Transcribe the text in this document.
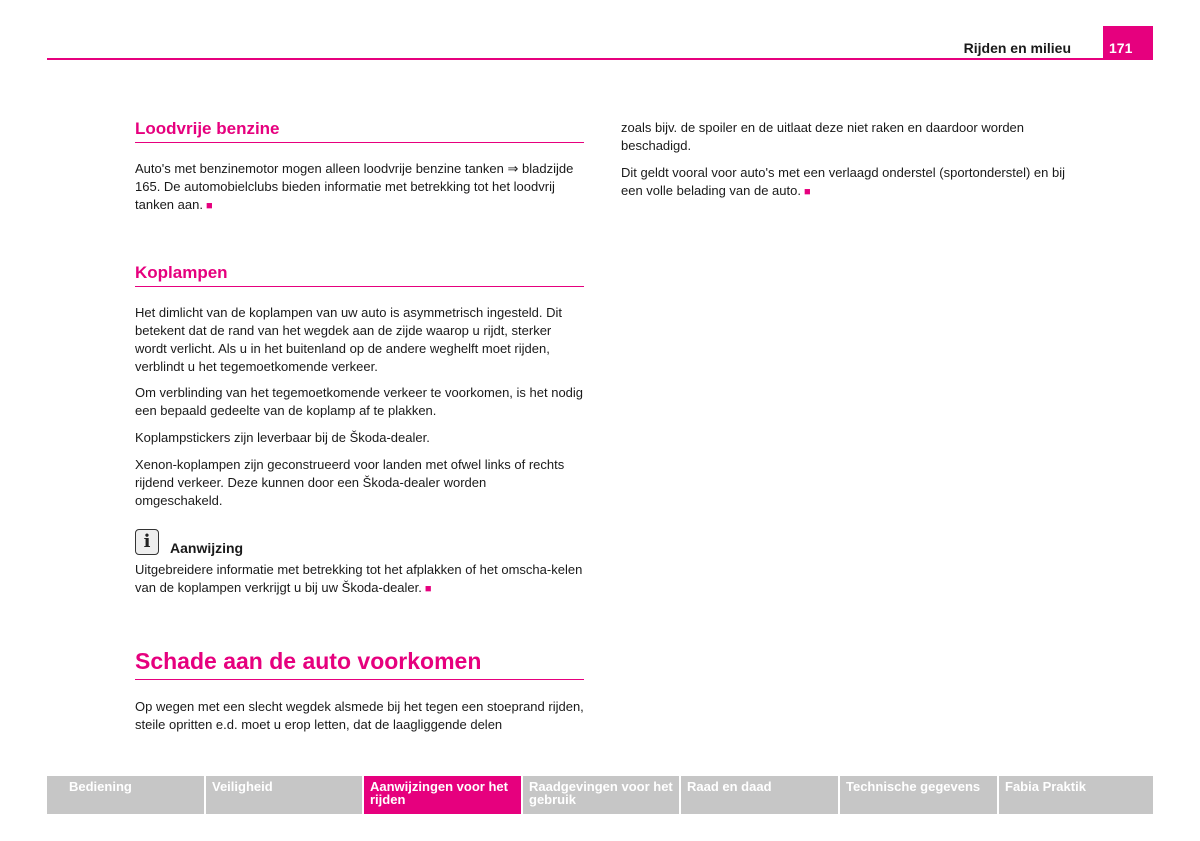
Rijden en milieu	171
Loodvrije benzine

Auto's met benzinemotor mogen alleen loodvrije benzine tanken ⇒ bladzijde 165. De automobielclubs bieden informatie met betrekking tot het loodvrij tanken aan. ■

Koplampen

Het dimlicht van de koplampen van uw auto is asymmetrisch ingesteld. Dit betekent dat de rand van het wegdek aan de zijde waarop u rijdt, sterker wordt verlicht. Als u in het buitenland op de andere weghelft moet rijden, verblindt u het tegemoetkomende verkeer.

Om verblinding van het tegemoetkomende verkeer te voorkomen, is het nodig een bepaald gedeelte van de koplamp af te plakken.

Koplampstickers zijn leverbaar bij de Škoda-dealer.

Xenon-koplampen zijn geconstrueerd voor landen met ofwel links of rechts rijdend verkeer. Deze kunnen door een Škoda-dealer worden omgeschakeld.

i	Aanwijzing

Uitgebreidere informatie met betrekking tot het afplakken of het omscha-kelen van de koplampen verkrijgt u bij uw Škoda-dealer. ■

Schade aan de auto voorkomen

Op wegen met een slecht wegdek alsmede bij het tegen een stoeprand rijden, steile opritten e.d. moet u erop letten, dat de laagliggende delen

zoals bijv. de spoiler en de uitlaat deze niet raken en daardoor worden beschadigd.

Dit geldt vooral voor auto's met een verlaagd onderstel (sportonderstel) en bij een volle belading van de auto. ■

Bediening	Veiligheid	Aanwijzingen voor het rijden
Raadgevingen voor het gebruik
Raad en daad	Technische gegevens	Fabia Praktik
